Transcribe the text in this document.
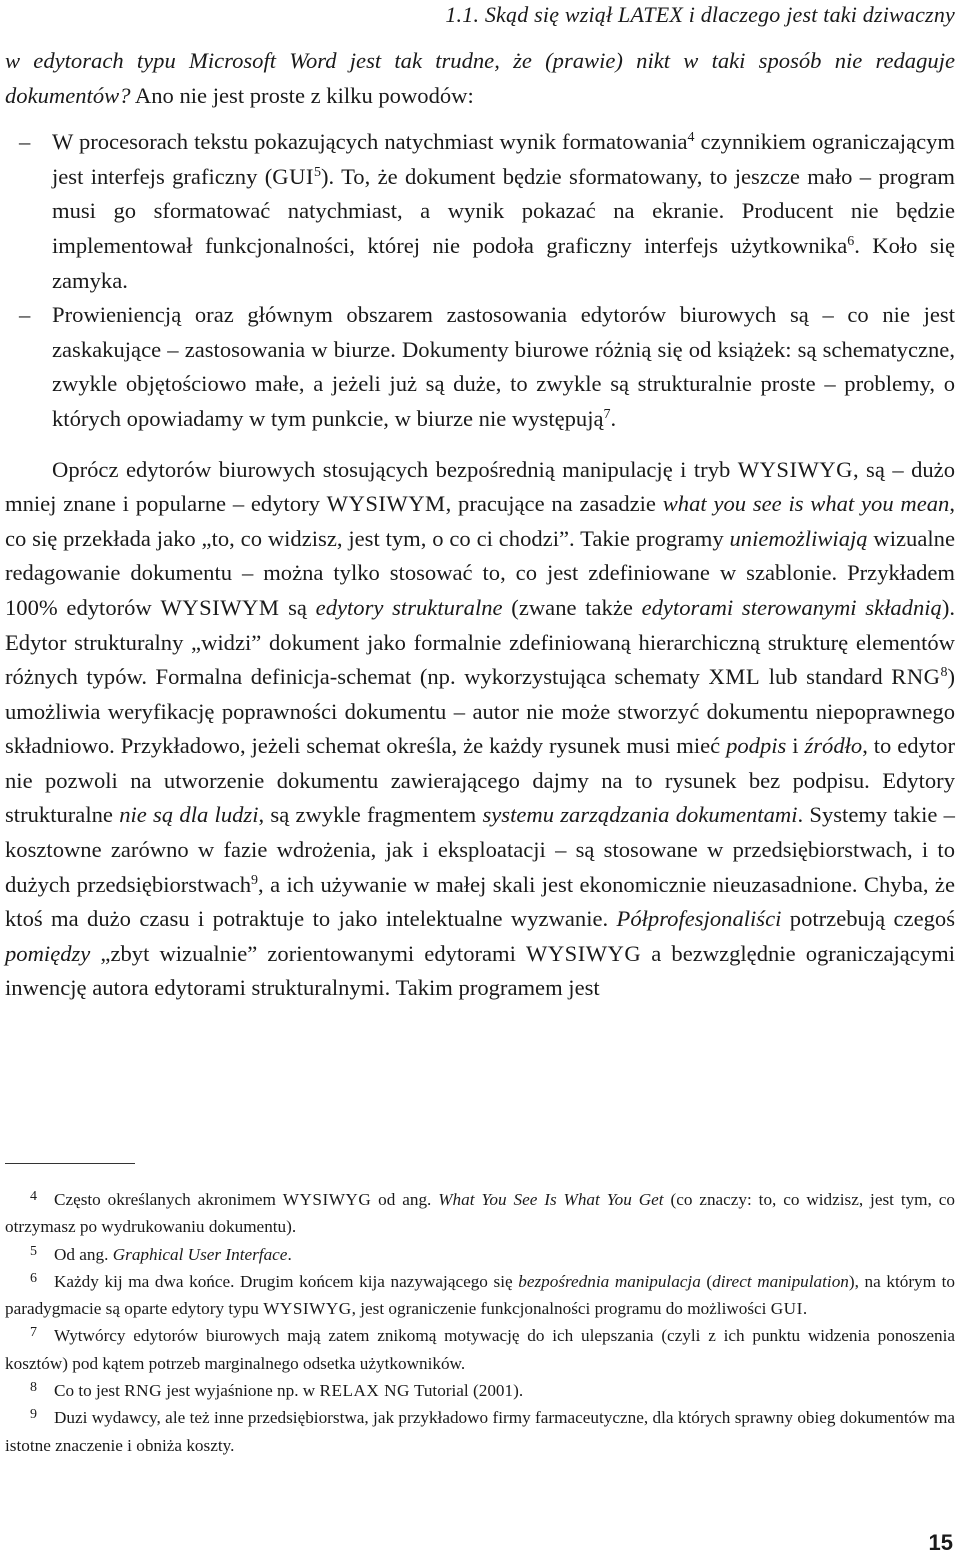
1.1. Skąd się wziął LATEX i dlaczego jest taki dziwaczny

w edytorach typu Microsoft Word jest tak trudne, że (prawie) nikt w taki sposób nie redaguje dokumentów? Ano nie jest proste z kilku powodów:

– W procesorach tekstu pokazujących natychmiast wynik formatowania$^4$ czynnikiem ograniczającym jest interfejs graficzny (GUI$^5$). To, że dokument będzie sformatowany, to jeszcze mało – program musi go sformatować natychmiast, a wynik pokazać na ekranie. Producent nie będzie implementował funkcjonalności, której nie podoła graficzny interfejs użytkownika$^6$. Koło się zamyka.
– Prowieniencją oraz głównym obszarem zastosowania edytorów biurowych są – co nie jest zaskakujące – zastosowania w biurze. Dokumenty biurowe różnią się od książek: są schematyczne, zwykle objętościowo małe, a jeżeli już są duże, to zwykle są strukturalnie proste – problemy, o których opowiadamy w tym punkcie, w biurze nie występują$^7$.

Oprócz edytorów biurowych stosujących bezpośrednią manipulację i tryb WYSIWYG, są – dużo mniej znane i popularne – edytory WYSIWYM, pracujące na zasadzie what you see is what you mean, co się przekłada jako „to, co widzisz, jest tym, o co ci chodzi”. Takie programy uniemożliwiają wizualne redagowanie dokumentu – można tylko stosować to, co jest zdefiniowane w szablonie. Przykładem 100% edytorów WYSIWYM są edytory strukturalne (zwane także edytorami sterowanymi składnią). Edytor strukturalny „widzi” dokument jako formalnie zdefiniowaną hierarchiczną strukturę elementów różnych typów. Formalna definicja-schemat (np. wykorzystująca schematy XML lub standard RNG$^8$) umożliwia weryfikację poprawności dokumentu – autor nie może stworzyć dokumentu niepoprawnego składniowo. Przykładowo, jeżeli schemat określa, że każdy rysunek musi mieć podpis i źródło, to edytor nie pozwoli na utworzenie dokumentu zawierającego dajmy na to rysunek bez podpisu. Edytory strukturalne nie są dla ludzi, są zwykle fragmentem systemu zarządzania dokumentami. Systemy takie – kosztowne zarówno w fazie wdrożenia, jak i eksploatacji – są stosowane w przedsiębiorstwach, i to dużych przedsiębiorstwach$^9$, a ich używanie w małej skali jest ekonomicznie nieuzasadnione. Chyba, że ktoś ma dużo czasu i potraktuje to jako intelektualne wyzwanie. Półprofesjonaliści potrzebują czegoś pomiędzy „zbyt wizualnie” zorientowanymi edytorami WYSIWYG a bezwzględnie ograniczającymi inwencję autora edytorami strukturalnymi. Takim programem jest

4 Często określanych akronimem WYSIWYG od ang. What You See Is What You Get (co znaczy: to, co widzisz, jest tym, co otrzymasz po wydrukowaniu dokumentu).

5 Od ang. Graphical User Interface.

6 Każdy kij ma dwa końce. Drugim końcem kija nazywającego się bezpośrednia manipulacja (direct manipulation), na którym to paradygmacie są oparte edytory typu WYSIWYG, jest ograniczenie funkcjonalności programu do możliwości GUI.

7 Wytwórcy edytorów biurowych mają zatem znikomą motywację do ich ulepszania (czyli z ich punktu widzenia ponoszenia kosztów) pod kątem potrzeb marginalnego odsetka użytkowników.

8 Co to jest RNG jest wyjaśnione np. w RELAX NG Tutorial (2001).

9 Duzi wydawcy, ale też inne przedsiębiorstwa, jak przykładowo firmy farmaceutyczne, dla których sprawny obieg dokumentów ma istotne znaczenie i obniża koszty.

15
